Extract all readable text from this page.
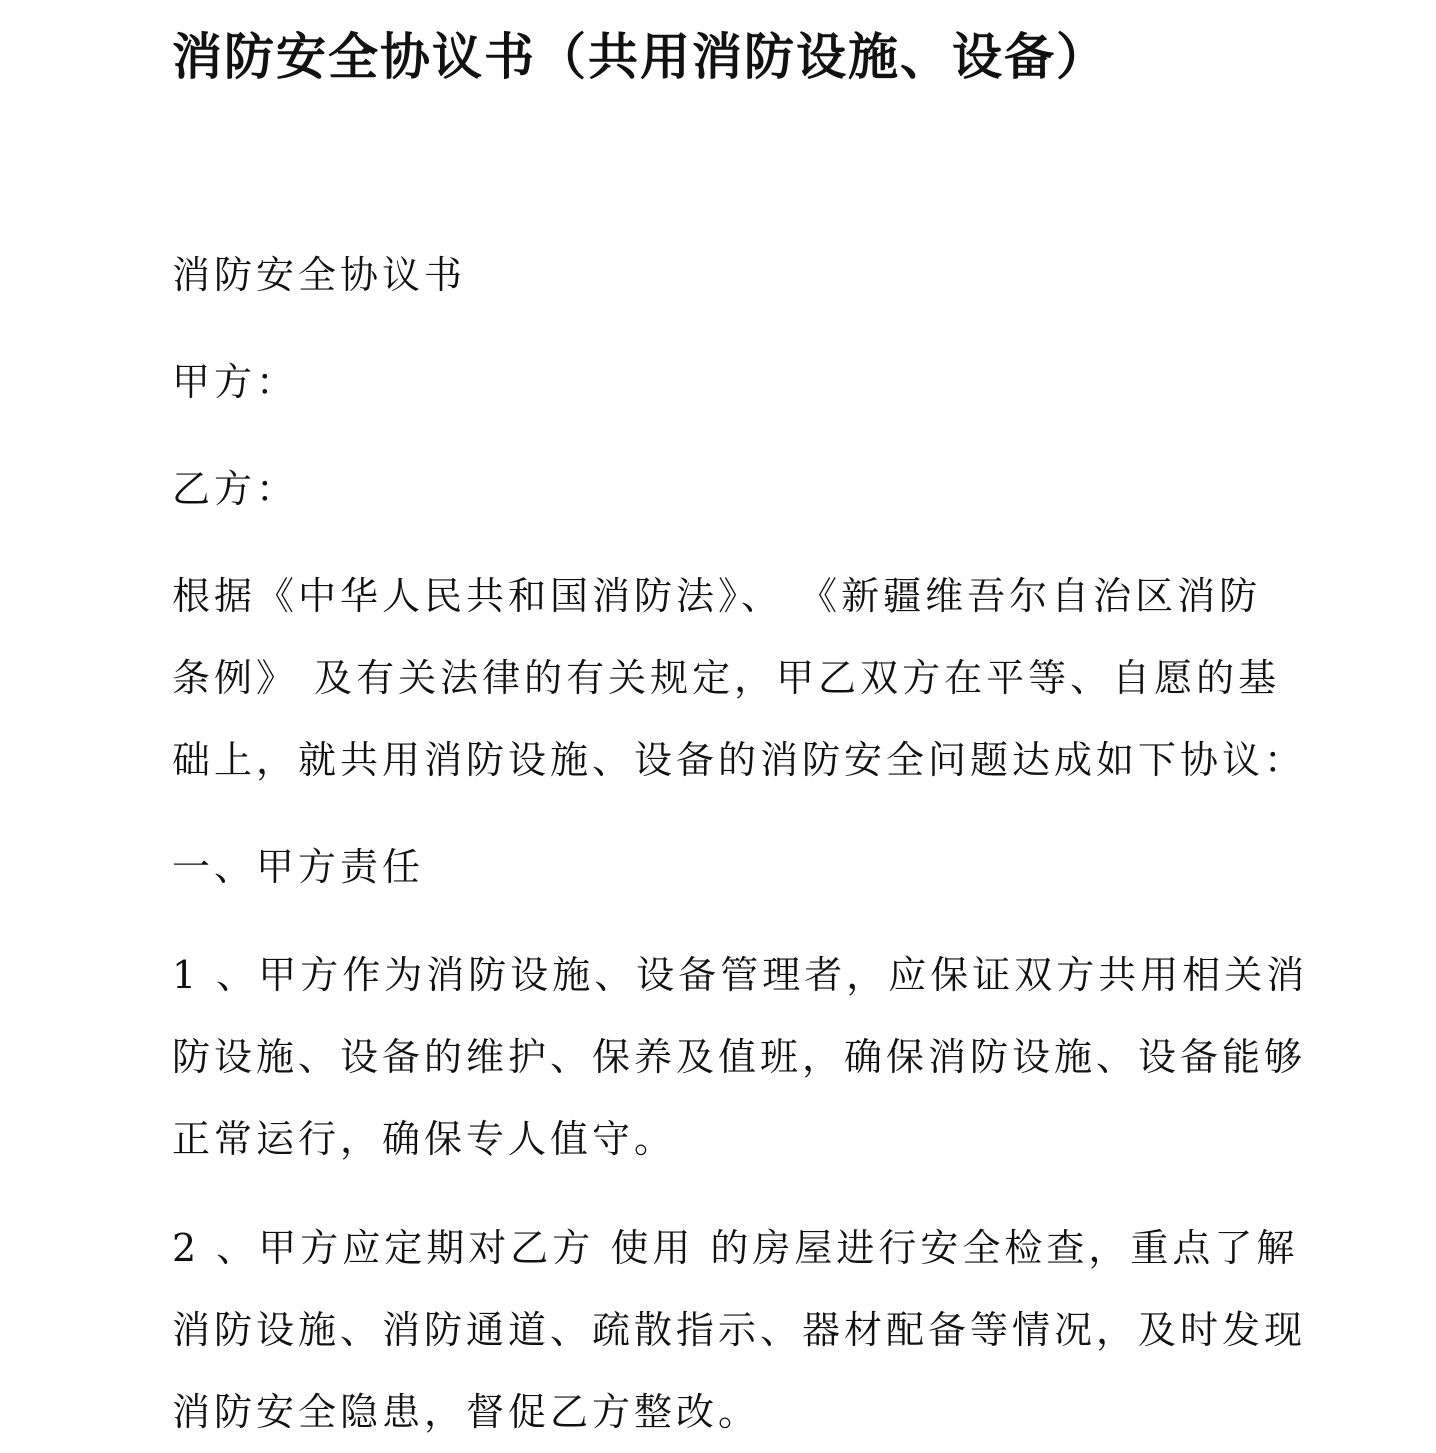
消防安全协议书（共用消防设施、设备）

消防安全协议书

甲方：

乙方：

根据《中华人民共和国消防法》、 《新疆维吾尔自治区消防
条例》 及有关法律的有关规定，甲乙双方在平等、自愿的基
础上，就共用消防设施、设备的消防安全问题达成如下协议：

一、甲方责任

1 、甲方作为消防设施、设备管理者，应保证双方共用相关消
防设施、设备的维护、保养及值班，确保消防设施、设备能够
正常运行，确保专人值守。

2 、甲方应定期对乙方 使用 的房屋进行安全检查，重点了解
消防设施、消防通道、疏散指示、器材配备等情况，及时发现
消防安全隐患，督促乙方整改。
